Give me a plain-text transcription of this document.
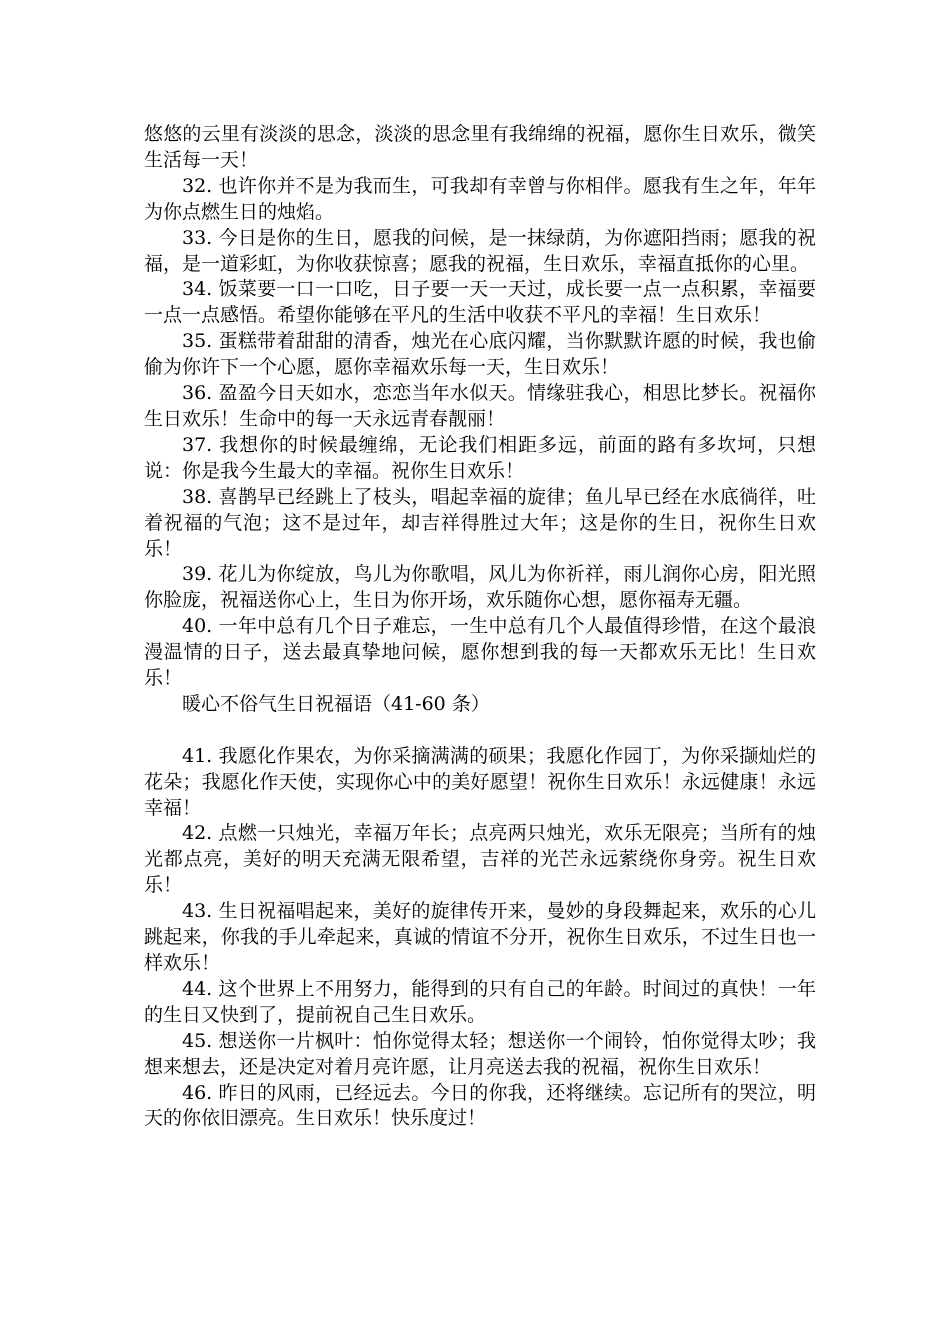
悠悠的云里有淡淡的思念，淡淡的思念里有我绵绵的祝福，愿你生日欢乐，微笑生活每一天！

32. 也许你并不是为我而生，可我却有幸曾与你相伴。愿我有生之年，年年为你点燃生日的烛焰。

33. 今日是你的生日，愿我的问候，是一抹绿荫，为你遮阳挡雨；愿我的祝福，是一道彩虹，为你收获惊喜；愿我的祝福，生日欢乐，幸福直抵你的心里。

34. 饭菜要一口一口吃，日子要一天一天过，成长要一点一点积累，幸福要一点一点感悟。希望你能够在平凡的生活中收获不平凡的幸福！生日欢乐！

35. 蛋糕带着甜甜的清香，烛光在心底闪耀，当你默默许愿的时候，我也偷偷为你许下一个心愿，愿你幸福欢乐每一天，生日欢乐！

36. 盈盈今日天如水，恋恋当年水似天。情缘驻我心，相思比梦长。祝福你生日欢乐！生命中的每一天永远青春靓丽！

37. 我想你的时候最缠绵，无论我们相距多远，前面的路有多坎坷，只想说：你是我今生最大的幸福。祝你生日欢乐！

38. 喜鹊早已经跳上了枝头，唱起幸福的旋律；鱼儿早已经在水底徜徉，吐着祝福的气泡；这不是过年，却吉祥得胜过大年；这是你的生日，祝你生日欢乐！

39. 花儿为你绽放，鸟儿为你歌唱，风儿为你祈祥，雨儿润你心房，阳光照你脸庞，祝福送你心上，生日为你开场，欢乐随你心想，愿你福寿无疆。

40. 一年中总有几个日子难忘，一生中总有几个人最值得珍惜，在这个最浪漫温情的日子，送去最真挚地问候，愿你想到我的每一天都欢乐无比！生日欢乐！

暖心不俗气生日祝福语（41-60 条）

41. 我愿化作果农，为你采摘满满的硕果；我愿化作园丁，为你采撷灿烂的花朵；我愿化作天使，实现你心中的美好愿望！祝你生日欢乐！永远健康！永远幸福！

42. 点燃一只烛光，幸福万年长；点亮两只烛光，欢乐无限亮；当所有的烛光都点亮，美好的明天充满无限希望，吉祥的光芒永远萦绕你身旁。祝生日欢乐！

43. 生日祝福唱起来，美好的旋律传开来，曼妙的身段舞起来，欢乐的心儿跳起来，你我的手儿牵起来，真诚的情谊不分开，祝你生日欢乐，不过生日也一样欢乐！

44. 这个世界上不用努力，能得到的只有自己的年龄。时间过的真快！一年的生日又快到了，提前祝自己生日欢乐。

45. 想送你一片枫叶：怕你觉得太轻；想送你一个闹铃，怕你觉得太吵；我想来想去，还是决定对着月亮许愿，让月亮送去我的祝福，祝你生日欢乐！

46. 昨日的风雨，已经远去。今日的你我，还将继续。忘记所有的哭泣，明天的你依旧漂亮。生日欢乐！快乐度过！
